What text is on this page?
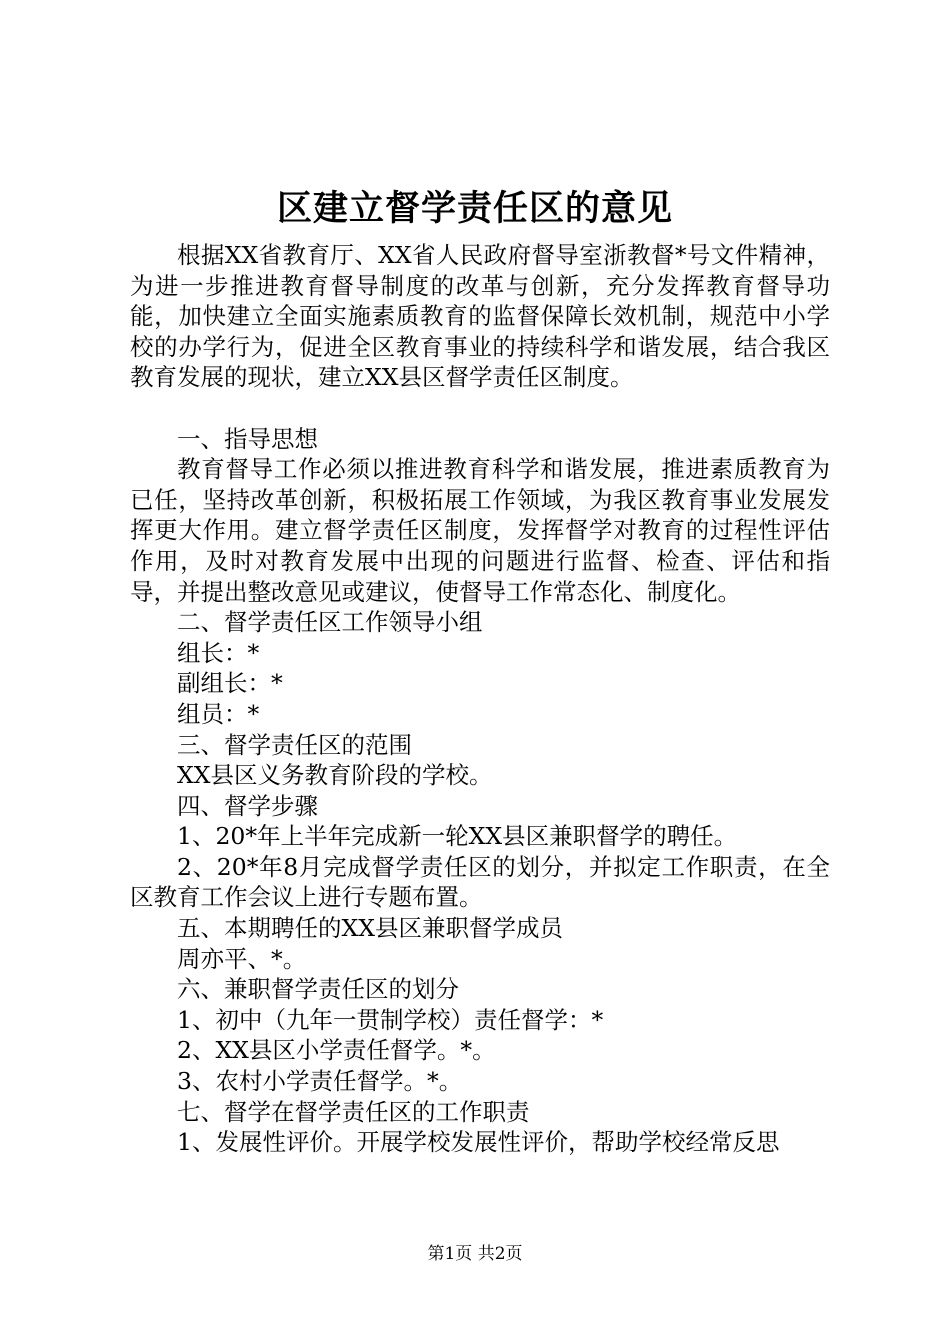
区建立督学责任区的意见

根据XX省教育厅、XX省人民政府督导室浙教督*号文件精神，为进一步推进教育督导制度的改革与创新，充分发挥教育督导功能，加快建立全面实施素质教育的监督保障长效机制，规范中小学校的办学行为，促进全区教育事业的持续科学和谐发展，结合我区教育发展的现状，建立XX县区督学责任区制度。

一、指导思想

教育督导工作必须以推进教育科学和谐发展，推进素质教育为已任，坚持改革创新，积极拓展工作领域，为我区教育事业发展发挥更大作用。建立督学责任区制度，发挥督学对教育的过程性评估作用，及时对教育发展中出现的问题进行监督、检查、评估和指导，并提出整改意见或建议，使督导工作常态化、制度化。

二、督学责任区工作领导小组

组长：*

副组长：*

组员：*

三、督学责任区的范围

XX县区义务教育阶段的学校。

四、督学步骤

1、20*年上半年完成新一轮XX县区兼职督学的聘任。

2、20*年8月完成督学责任区的划分，并拟定工作职责，在全区教育工作会议上进行专题布置。

五、本期聘任的XX县区兼职督学成员

周亦平、*。

六、兼职督学责任区的划分

1、初中（九年一贯制学校）责任督学：*

2、XX县区小学责任督学。*。

3、农村小学责任督学。*。

七、督学在督学责任区的工作职责

1、发展性评价。开展学校发展性评价，帮助学校经常反思

第1页 共2页
